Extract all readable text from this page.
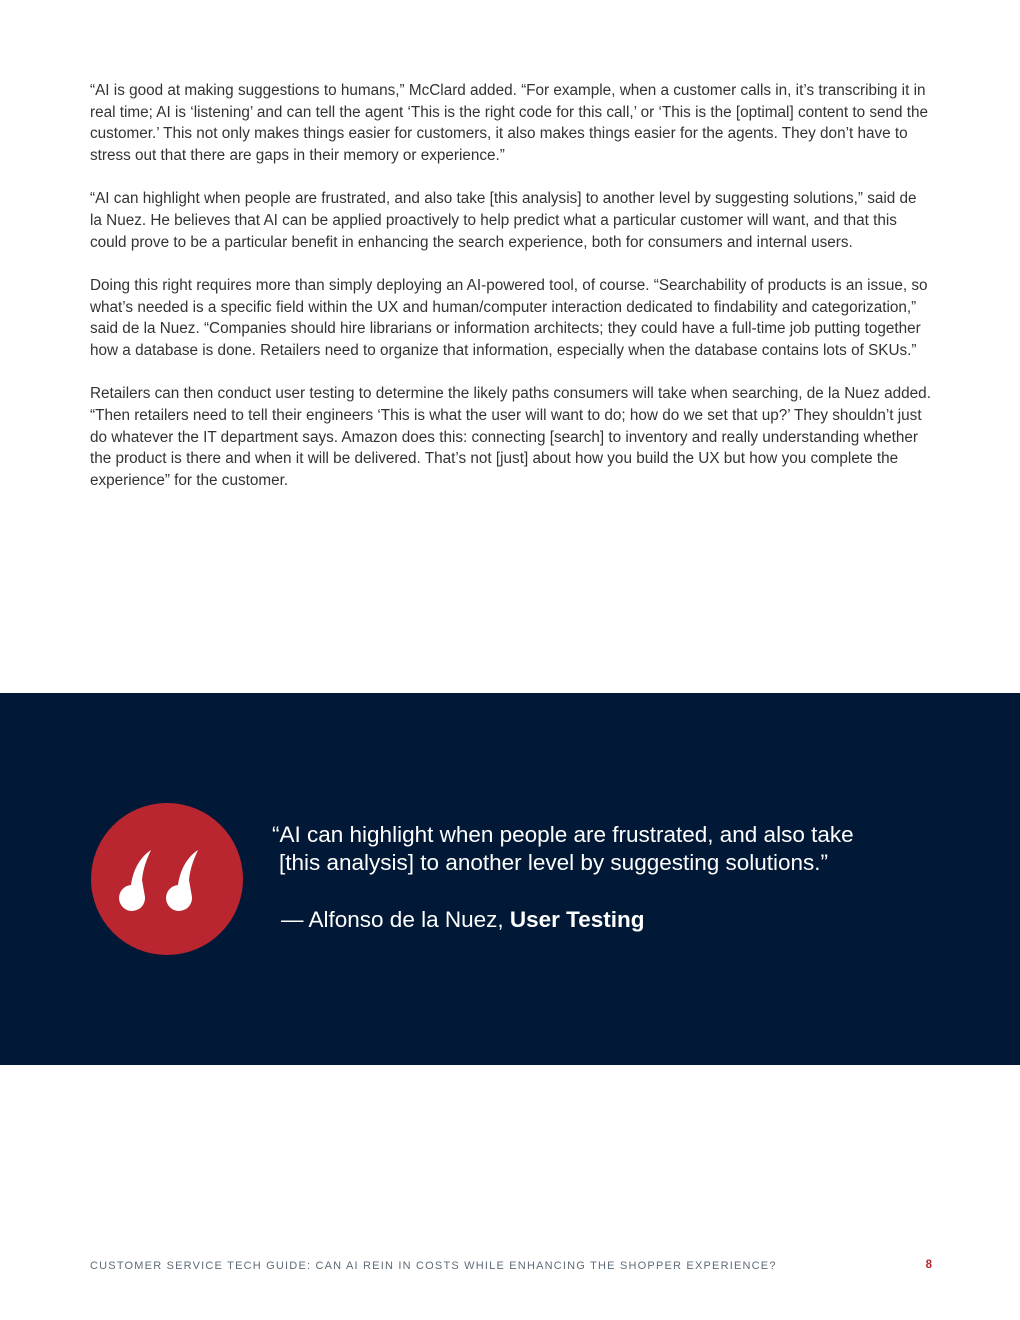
“AI is good at making suggestions to humans,” McClard added. “For example, when a customer calls in, it’s transcribing it in real time; AI is ‘listening’ and can tell the agent ‘This is the right code for this call,’ or ‘This is the [optimal] content to send the customer.’ This not only makes things easier for customers, it also makes things easier for the agents. They don’t have to stress out that there are gaps in their memory or experience.”

“AI can highlight when people are frustrated, and also take [this analysis] to another level by suggesting solutions,” said de la Nuez. He believes that AI can be applied proactively to help predict what a particular customer will want, and that this could prove to be a particular benefit in enhancing the search experience, both for consumers and internal users.

Doing this right requires more than simply deploying an AI-powered tool, of course. “Searchability of products is an issue, so what’s needed is a specific field within the UX and human/computer interaction dedicated to findability and categorization,” said de la Nuez. “Companies should hire librarians or information architects; they could have a full-time job putting together how a database is done. Retailers need to organize that information, especially when the database contains lots of SKUs.”

Retailers can then conduct user testing to determine the likely paths consumers will take when searching, de la Nuez added. “Then retailers need to tell their engineers ‘This is what the user will want to do; how do we set that up?’ They shouldn’t just do whatever the IT department says. Amazon does this: connecting [search] to inventory and really understanding whether the product is there and when it will be delivered. That’s not [just] about how you build the UX but how you complete the experience” for the customer.

“AI can highlight when people are frustrated, and also take
[this analysis] to another level by suggesting solutions.”

— Alfonso de la Nuez, User Testing

CUSTOMER SERVICE TECH GUIDE: CAN AI REIN IN COSTS WHILE ENHANCING THE SHOPPER EXPERIENCE?	8
